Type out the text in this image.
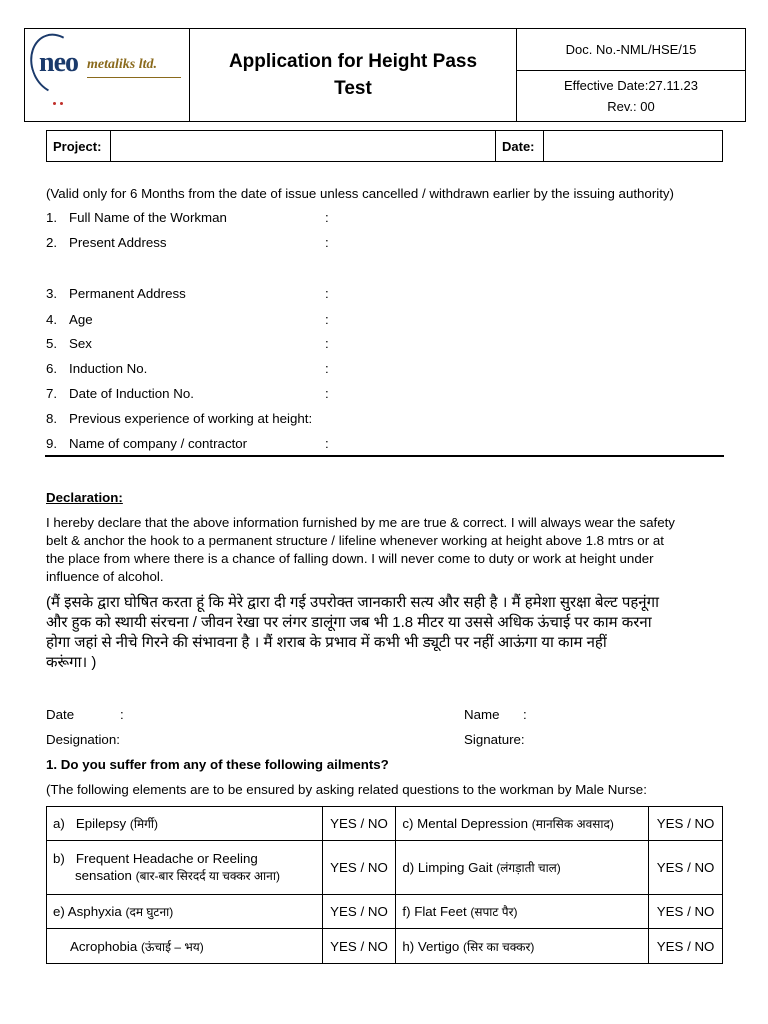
neo metaliks ltd.	Application for Height Pass
Test
	Doc. No.-NML/HSE/15

Effective Date:27.11.23
Rev.: 00
Project:		Date:	
(Valid only for 6 Months from the date of issue unless cancelled / withdrawn earlier by the issuing authority)
1. Full Name of the Workman	:
2. Present Address	:
3. Permanent Address	:
4. Age	:
5. Sex	:
6. Induction No.	:
7. Date of Induction No.	:
8. Previous experience of working at height:
9. Name of company / contractor	:
Declaration:
I hereby declare that the above information furnished by me are true & correct. I will always wear the safety
belt & anchor the hook to a permanent structure / lifeline whenever working at height above 1.8 mtrs or at
the place from where there is a chance of falling down. I will never come to duty or work at height under
influence of alcohol.
(मैं इसके द्वारा घोषित करता हूं कि मेरे द्वारा दी गई उपरोक्त जानकारी सत्य और सही है । मैं हमेशा सुरक्षा बेल्ट पहनूंगा
और हुक को स्थायी संरचना / जीवन रेखा पर लंगर डालूंगा जब भी 1.8 मीटर या उससे अधिक ऊंचाई पर काम करना
होगा जहां से नीचे गिरने की संभावना है । मैं शराब के प्रभाव में कभी भी ड्यूटी पर नहीं आऊंगा या काम नहीं
करूंगा। )
Date	:	Name :
Designation:	Signature:
1. Do you suffer from any of these following ailments?
(The following elements are to be ensured by asking related questions to the workman by Male Nurse:
a) Epilepsy (मिर्गी)	YES / NO	c) Mental Depression (मानसिक अवसाद)	YES / NO

b) Frequent Headache or Reeling
sensation (बार-बार सिरदर्द या चक्कर आना)	YES / NO	d) Limping Gait (लंगड़ाती चाल)	YES / NO
e) Asphyxia (दम घुटना)	YES / NO	f) Flat Feet (सपाट पैर)	YES / NO
Acrophobia (ऊंचाई – भय)	YES / NO	h) Vertigo (सिर का चक्कर)	YES / NO
